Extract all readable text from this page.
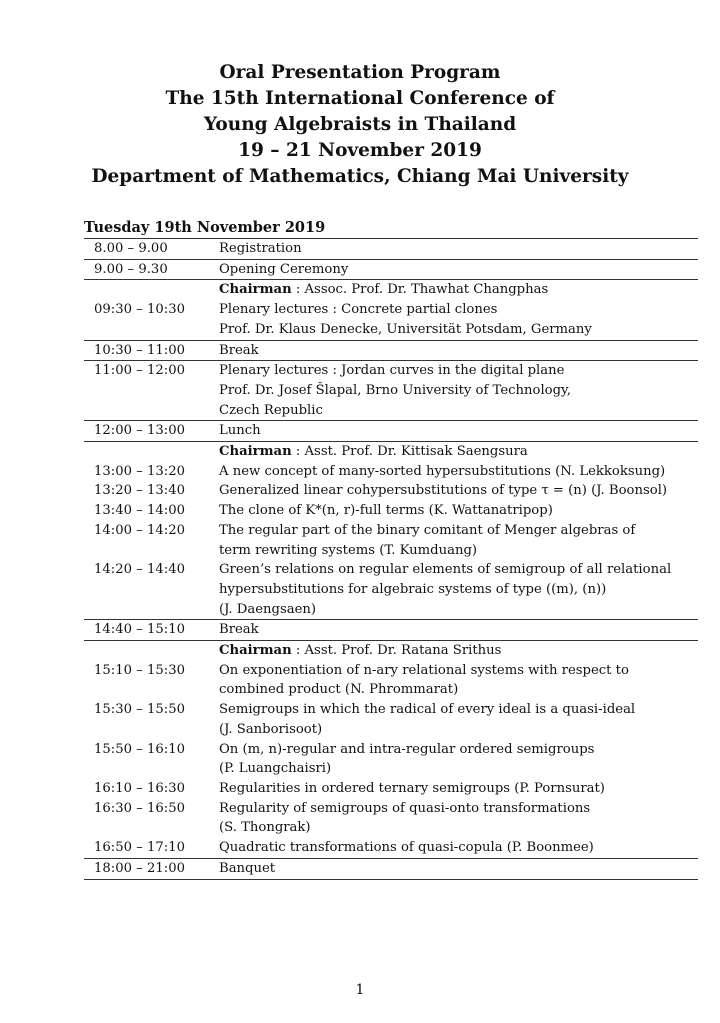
Oral Presentation Program
The 15th International Conference of
Young Algebraists in Thailand
19 – 21 November 2019
Department of Mathematics, Chiang Mai University
Tuesday 19th November 2019
8.00 – 9.00	Registration
9.00 – 9.30	Opening Ceremony
	Chairman : Assoc. Prof. Dr. Thawhat Changphas
09:30 – 10:30	Plenary lectures : Concrete partial clones
	Prof. Dr. Klaus Denecke, Universität Potsdam, Germany
10:30 – 11:00	Break
11:00 – 12:00	Plenary lectures : Jordan curves in the digital plane
	Prof. Dr. Josef Šlapal, Brno University of Technology,
	Czech Republic
12:00 – 13:00	Lunch
	Chairman : Asst. Prof. Dr. Kittisak Saengsura
13:00 – 13:20	A new concept of many-sorted hypersubstitutions (N. Lekkoksung)
13:20 – 13:40	Generalized linear cohypersubstitutions of type τ = (n) (J. Boonsol)
13:40 – 14:00	The clone of K*(n, r)-full terms (K. Wattanatripop)
14:00 – 14:20	The regular part of the binary comitant of Menger algebras of
	term rewriting systems (T. Kumduang)
14:20 – 14:40	Green’s relations on regular elements of semigroup of all relational
	hypersubstitutions for algebraic systems of type ((m), (n))
	(J. Daengsaen)
14:40 – 15:10	Break
	Chairman : Asst. Prof. Dr. Ratana Srithus
15:10 – 15:30	On exponentiation of n-ary relational systems with respect to
	combined product (N. Phrommarat)
15:30 – 15:50	Semigroups in which the radical of every ideal is a quasi-ideal
	(J. Sanborisoot)
15:50 – 16:10	On (m, n)-regular and intra-regular ordered semigroups
	(P. Luangchaisri)
16:10 – 16:30	Regularities in ordered ternary semigroups (P. Pornsurat)
16:30 – 16:50	Regularity of semigroups of quasi-onto transformations
	(S. Thongrak)
16:50 – 17:10	Quadratic transformations of quasi-copula (P. Boonmee)
18:00 – 21:00	Banquet
1
